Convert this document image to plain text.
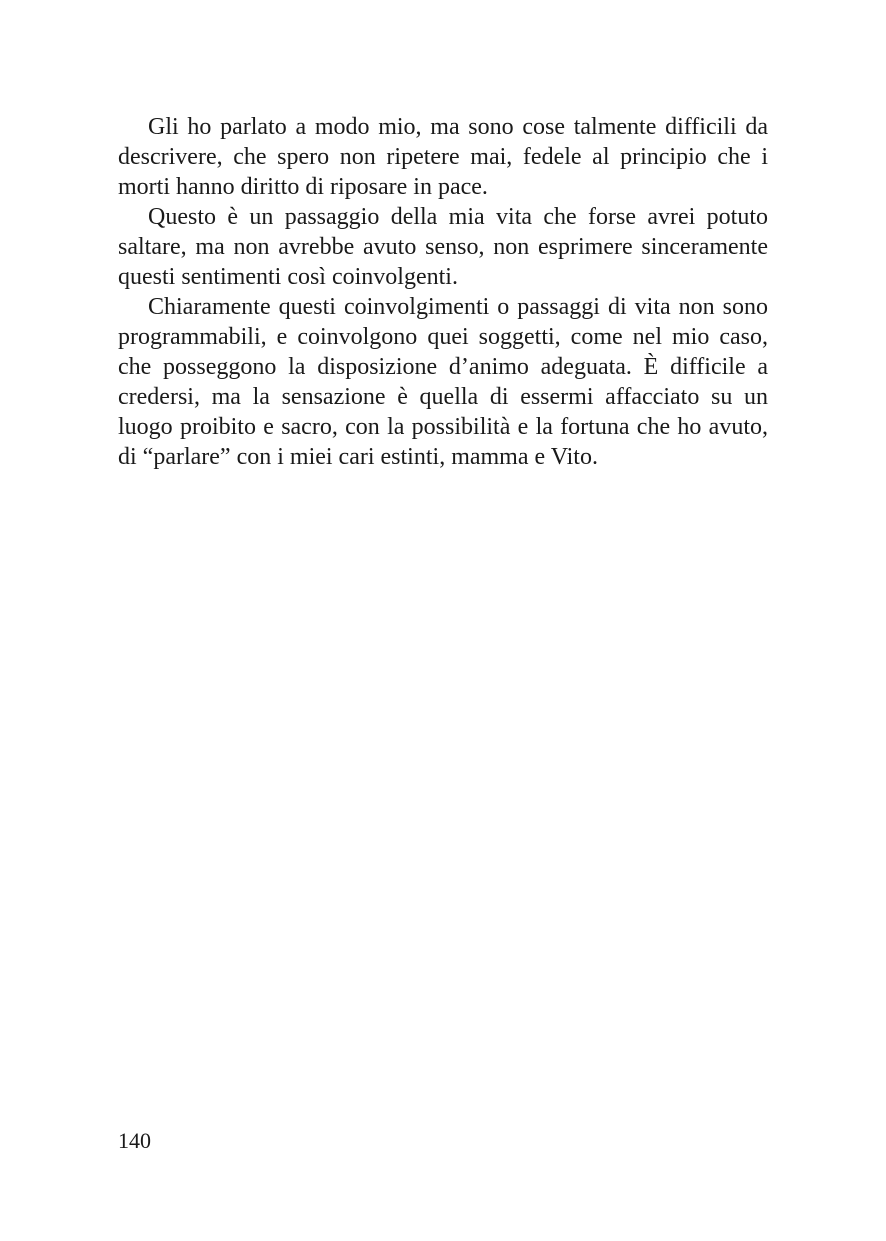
Gli ho parlato a modo mio, ma sono cose talmente difficili da descrivere, che spero non ripetere mai, fedele al principio che i morti hanno diritto di riposare in pace.

Questo è un passaggio della mia vita che forse avrei potuto saltare, ma non avrebbe avuto senso, non esprimere sinceramente questi sentimenti così coinvolgenti.

Chiaramente questi coinvolgimenti o passaggi di vita non sono programmabili, e coinvolgono quei soggetti, come nel mio caso, che posseggono la disposizione d’animo adeguata. È difficile a credersi, ma la sensazione è quella di essermi affacciato su un luogo proibito e sacro, con la possibilità e la fortuna che ho avuto, di “parlare” con i miei cari estinti, mamma e Vito.

140
